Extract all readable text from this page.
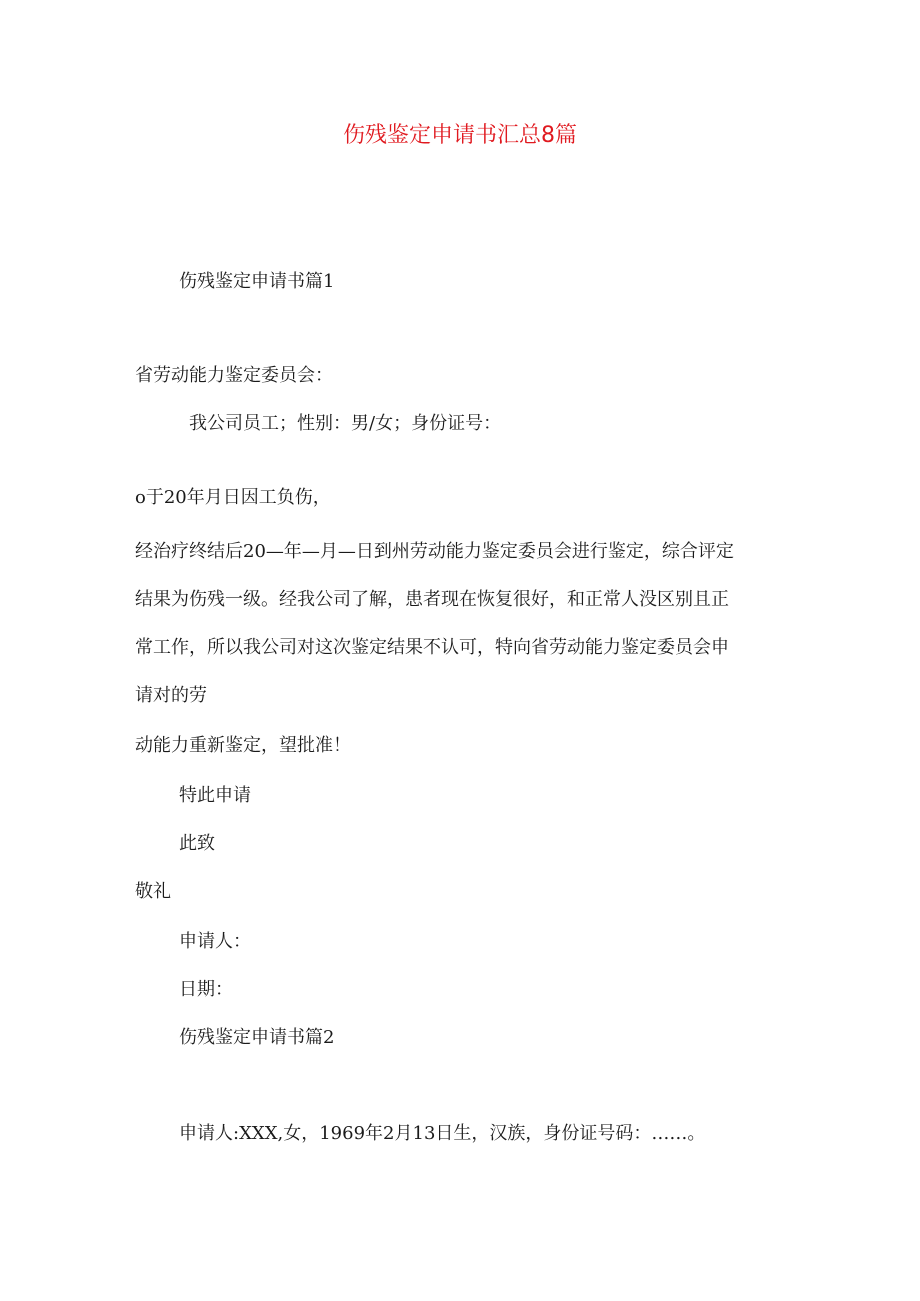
伤残鉴定申请书汇总8篇
伤残鉴定申请书篇1
省劳动能力鉴定委员会：
我公司员工；性别：男/女；身份证号：
o于20年月日因工负伤，
经治疗终结后20—年—月—日到州劳动能力鉴定委员会进行鉴定，综合评定
结果为伤残一级。经我公司了解，患者现在恢复很好，和正常人没区别且正
常工作，所以我公司对这次鉴定结果不认可，特向省劳动能力鉴定委员会申
请对的劳
动能力重新鉴定，望批准！
特此申请
此致
敬礼
申请人：
日期：
伤残鉴定申请书篇2
申请人:XXX,女，1969年2月13日生，汉族，身份证号码：……。
